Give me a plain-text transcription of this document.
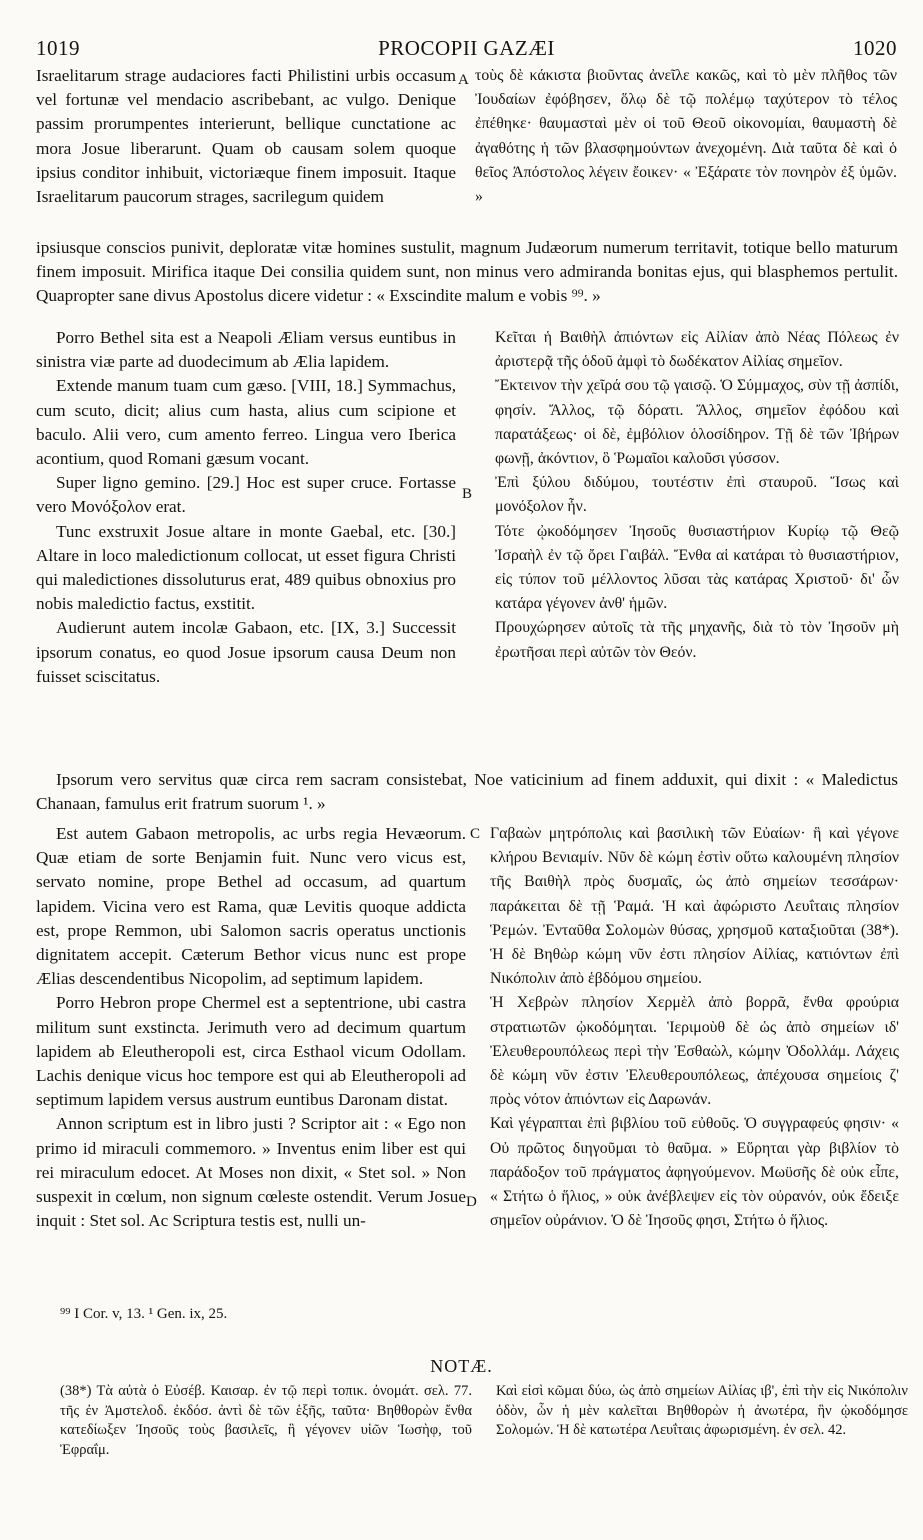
1019	PROCOPII GAZÆI	1020

Israelitarum strage audaciores facti Philistini urbis occasum vel fortunæ vel mendacio ascribebant, ac vulgo. Denique passim prorumpentes interierunt, bellique cunctatione ac mora Josue liberarunt. Quam ob causam solem quoque ipsius conditor inhibuit, victoriæque finem imposuit. Itaque Israelitarum paucorum strages, sacrilegum quidem

A τοὺς δὲ κάκιστα βιοῦντας ἀνεῖλε κακῶς, καὶ τὸ μὲν πλῆθος τῶν Ἰουδαίων ἐφόβησεν, ὅλῳ δὲ τῷ πολέμῳ ταχύτερον τὸ τέλος ἐπέθηκε· θαυμασταὶ μὲν οἱ τοῦ Θεοῦ οἰκονομίαι, θαυμαστὴ δὲ ἀγαθότης ἡ τῶν βλασφημούντων ἀνεχομένη. Διὰ ταῦτα δὲ καὶ ὁ θεῖος Ἀπόστολος λέγειν ἔοικεν· « Ἐξάρατε τὸν πονηρὸν ἐξ ὑμῶν. »

ipsiusque conscios punivit, deploratæ vitæ homines sustulit, magnum Judæorum numerum territavit, totique bello maturum finem imposuit. Mirifica itaque Dei consilia quidem sunt, non minus vero admiranda bonitas ejus, qui blasphemos pertulit. Quapropter sane divus Apostolus dicere videtur : « Exscindite malum e vobis ⁹⁹. »

Porro Bethel sita est a Neapoli Æliam versus euntibus in sinistra viæ parte ad duodecimum ab Ælia lapidem.

Extende manum tuam cum gæso. [VIII, 18.] Symmachus, cum scuto, dicit; alius cum hasta, alius cum scipione et baculo. Alii vero, cum amento ferreo. Lingua vero Iberica acontium, quod Romani gæsum vocant.

Super ligno gemino. [29.] Hoc est super cruce. Fortasse vero Μονόξολον erat.

Tunc exstruxit Josue altare in monte Gaebal, etc. [30.] Altare in loco maledictionum collocat, ut esset figura Christi qui maledictiones dissoluturus erat, 489 quibus obnoxius pro nobis maledictio factus, exstitit.

Audierunt autem incolæ Gabaon, etc. [IX, 3.] Successit ipsorum conatus, eo quod Josue ipsorum causa Deum non fuisset sciscitatus.

B

Κεῖται ἡ Βαιθὴλ ἀπιόντων εἰς Αἰλίαν ἀπὸ Νέας Πόλεως ἐν ἀριστερᾷ τῆς ὁδοῦ ἀμφὶ τὸ δωδέκατον Αἰλίας σημεῖον.

Ἔκτεινον τὴν χεῖρά σου τῷ γαισῷ. Ὁ Σύμμαχος, σὺν τῇ ἀσπίδι, φησίν. Ἄλλος, τῷ δόρατι. Ἄλλος, σημεῖον ἐφόδου καὶ παρατάξεως· οἱ δὲ, ἐμβόλιον ὁλοσίδηρον. Τῇ δὲ τῶν Ἰβήρων φωνῇ, ἀκόντιον, ὃ Ῥωμαῖοι καλοῦσι γύσσον.

Ἐπὶ ξύλου διδύμου, τουτέστιν ἐπὶ σταυροῦ. Ἴσως καὶ μονόξολον ἦν.

Τότε ᾠκοδόμησεν Ἰησοῦς θυσιαστήριον Κυρίῳ τῷ Θεῷ Ἰσραὴλ ἐν τῷ ὄρει Γαιβάλ. Ἔνθα αἱ κατάραι τὸ θυσιαστήριον, εἰς τύπον τοῦ μέλλοντος λῦσαι τὰς κατάρας Χριστοῦ· δι' ὧν κατάρα γέγονεν ἀνθ' ἡμῶν.

Προυχώρησεν αὐτοῖς τὰ τῆς μηχανῆς, διὰ τὸ τὸν Ἰησοῦν μὴ ἐρωτῆσαι περὶ αὐτῶν τὸν Θεόν.

Ipsorum vero servitus quæ circa rem sacram consistebat, Noe vaticinium ad finem adduxit, qui dixit : « Maledictus Chanaan, famulus erit fratrum suorum ¹. »

Est autem Gabaon metropolis, ac urbs regia Hevæorum. Quæ etiam de sorte Benjamin fuit. Nunc vero vicus est, servato nomine, prope Bethel ad occasum, ad quartum lapidem. Vicina vero est Rama, quæ Levitis quoque addicta est, prope Remmon, ubi Salomon sacris operatus unctionis dignitatem accepit. Cæterum Bethor vicus nunc est prope Ælias descendentibus Nicopolim, ad septimum lapidem.

Porro Hebron prope Chermel est a septentrione, ubi castra militum sunt exstincta. Jerimuth vero ad decimum quartum lapidem ab Eleutheropoli est, circa Esthaol vicum Odollam. Lachis denique vicus hoc tempore est qui ab Eleutheropoli ad septimum lapidem versus austrum euntibus Daronam distat.

Annon scriptum est in libro justi ? Scriptor ait : « Ego non primo id miraculi commemoro. » Inventus enim liber est qui rei miraculum edocet. At Moses non dixit, « Stet sol. » Non suspexit in cœlum, non signum cœleste ostendit. Verum Josue inquit : Stet sol. Ac Scriptura testis est, nulli un-

C
D

Γαβαὼν μητρόπολις καὶ βασιλικὴ τῶν Εὐαίων· ἣ καὶ γέγονε κλήρου Βενιαμίν. Νῦν δὲ κώμη ἐστὶν οὕτω καλουμένη πλησίον τῆς Βαιθὴλ πρὸς δυσμαῖς, ὡς ἀπὸ σημείων τεσσάρων· παράκειται δὲ τῇ Ῥαμά. Ἡ καὶ ἀφώριστο Λευΐταις πλησίον Ῥεμών. Ἐνταῦθα Σολομὼν θύσας, χρησμοῦ καταξιοῦται (38*). Ἡ δὲ Βηθὼρ κώμη νῦν ἐστι πλησίον Αἰλίας, κατιόντων ἐπὶ Νικόπολιν ἀπὸ ἑβδόμου σημείου.

Ἡ Χεβρὼν πλησίον Χερμὲλ ἀπὸ βορρᾶ, ἔνθα φρούρια στρατιωτῶν ᾠκοδόμηται. Ἱεριμοὺθ δὲ ὡς ἀπὸ σημείων ιδ' Ἐλευθερουπόλεως περὶ τὴν Ἐσθαὼλ, κώμην Ὀδολλάμ. Λάχεις δὲ κώμη νῦν ἐστιν Ἐλευθερουπόλεως, ἀπέχουσα σημείοις ζ' πρὸς νότον ἀπιόντων εἰς Δαρωνάν.

Καὶ γέγραπται ἐπὶ βιβλίου τοῦ εὐθοῦς. Ὁ συγγραφεύς φησιν· « Οὐ πρῶτος διηγοῦμαι τὸ θαῦμα. » Εὕρηται γὰρ βιβλίον τὸ παράδοξον τοῦ πράγματος ἀφηγούμενον. Μωϋσῆς δὲ οὐκ εἶπε, « Στήτω ὁ ἥλιος, » οὐκ ἀνέβλεψεν εἰς τὸν οὐρανόν, οὐκ ἔδειξε σημεῖον οὐράνιον. Ὁ δὲ Ἰησοῦς φησι, Στήτω ὁ ἥλιος.

⁹⁹ I Cor. v, 13. ¹ Gen. ix, 25.
NOTÆ.

(38*) Τὰ αὐτὰ ὁ Εὐσέβ. Καισαρ. ἐν τῷ περὶ τοπικ. ὀνομάτ. σελ. 77. τῆς ἐν Ἀμστελοδ. ἐκδόσ. ἀντὶ δὲ τῶν ἑξῆς, ταῦτα· Βηθθορὼν ἔνθα κατεδίωξεν Ἰησοῦς τοὺς βασιλεῖς, ἣ γέγονεν υἱῶν Ἰωσὴφ, τοῦ Ἐφραΐμ.

Καὶ εἰσὶ κῶμαι δύω, ὡς ἀπὸ σημείων Αἰλίας ιβ', ἐπὶ τὴν εἰς Νικόπολιν ὁδὸν, ὧν ἡ μὲν καλεῖται Βηθθορὼν ἡ ἀνωτέρα, ἣν ᾠκοδόμησε Σολομών. Ἡ δὲ κατωτέρα Λευΐταις ἀφωρισμένη. ἐν σελ. 42.
